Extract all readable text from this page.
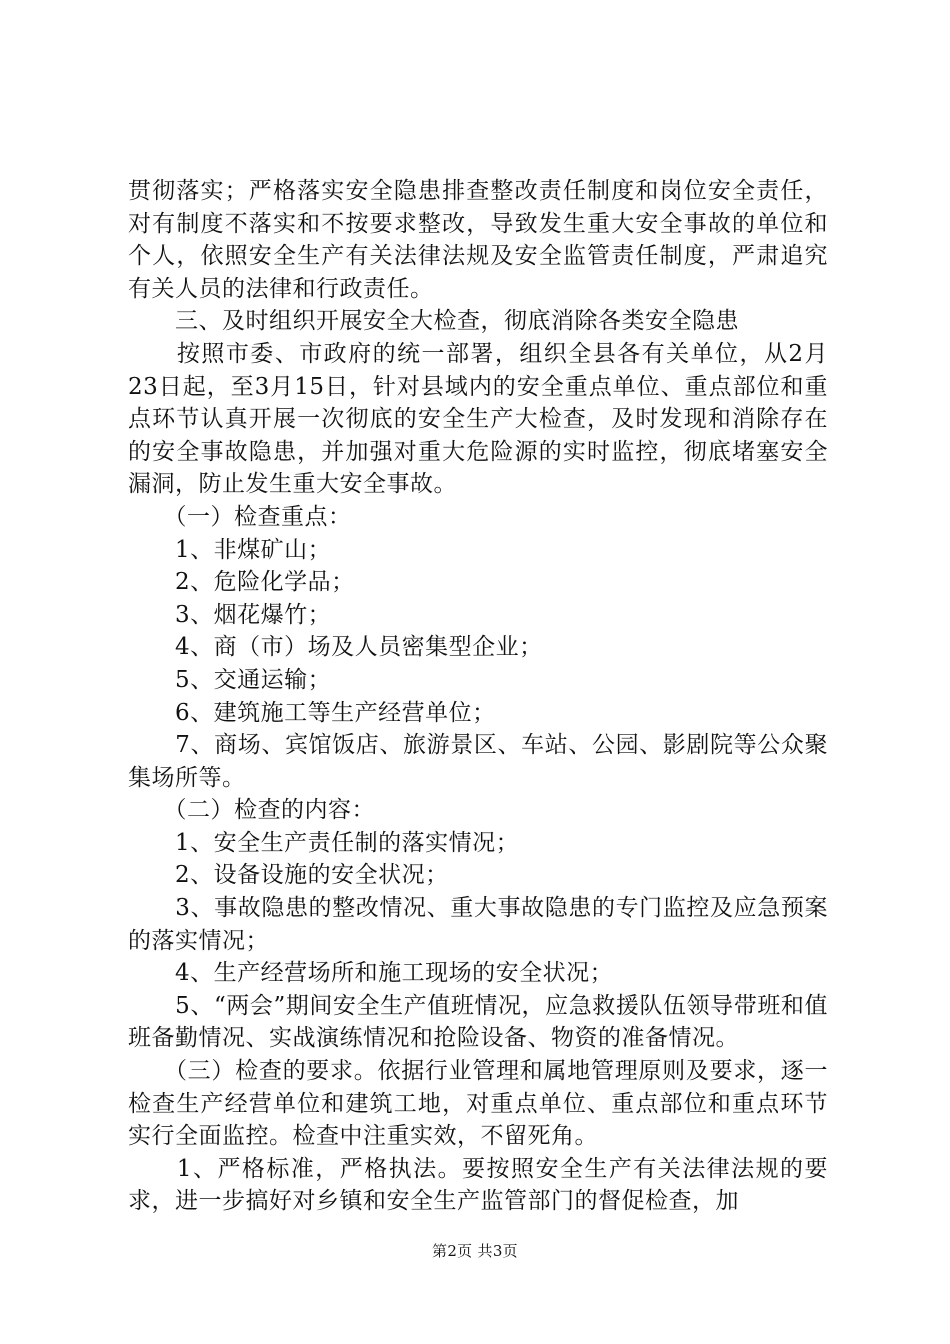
贯彻落实；严格落实安全隐患排查整改责任制度和岗位安全责任，对有制度不落实和不按要求整改，导致发生重大安全事故的单位和个人，依照安全生产有关法律法规及安全监管责任制度，严肃追究有关人员的法律和行政责任。

　　三、及时组织开展安全大检查，彻底消除各类安全隐患

　　按照市委、市政府的统一部署，组织全县各有关单位，从2月23日起，至3月15日，针对县域内的安全重点单位、重点部位和重点环节认真开展一次彻底的安全生产大检查，及时发现和消除存在的安全事故隐患，并加强对重大危险源的实时监控，彻底堵塞安全漏洞，防止发生重大安全事故。

　　（一）检查重点：

　　1、非煤矿山；

　　2、危险化学品；

　　3、烟花爆竹；

　　4、商（市）场及人员密集型企业；

　　5、交通运输；

　　6、建筑施工等生产经营单位；

　　7、商场、宾馆饭店、旅游景区、车站、公园、影剧院等公众聚集场所等。

　　（二）检查的内容：

　　1、安全生产责任制的落实情况；

　　2、设备设施的安全状况；

　　3、事故隐患的整改情况、重大事故隐患的专门监控及应急预案的落实情况；

　　4、生产经营场所和施工现场的安全状况；

　　5、“两会”期间安全生产值班情况，应急救援队伍领导带班和值班备勤情况、实战演练情况和抢险设备、物资的准备情况。

　　（三）检查的要求。依据行业管理和属地管理原则及要求，逐一检查生产经营单位和建筑工地，对重点单位、重点部位和重点环节实行全面监控。检查中注重实效，不留死角。

　　1、严格标准，严格执法。要按照安全生产有关法律法规的要求，进一步搞好对乡镇和安全生产监管部门的督促检查，加

第2页 共3页
